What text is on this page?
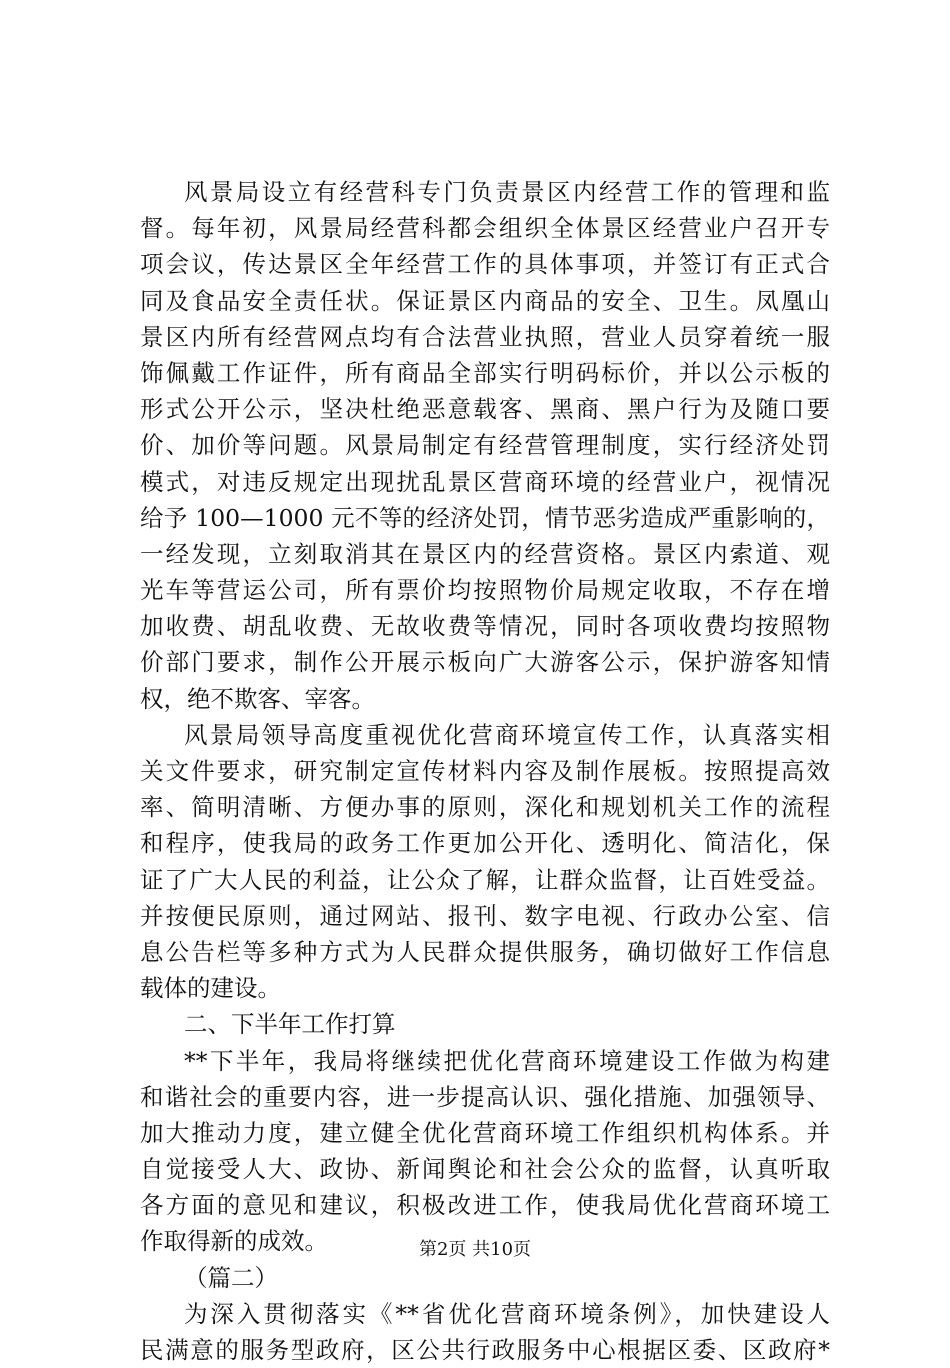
风景局设立有经营科专门负责景区内经营工作的管理和监
督。每年初，风景局经营科都会组织全体景区经营业户召开专
项会议，传达景区全年经营工作的具体事项，并签订有正式合
同及食品安全责任状。保证景区内商品的安全、卫生。凤凰山
景区内所有经营网点均有合法营业执照，营业人员穿着统一服
饰佩戴工作证件，所有商品全部实行明码标价，并以公示板的
形式公开公示，坚决杜绝恶意载客、黑商、黑户行为及随口要
价、加价等问题。风景局制定有经营管理制度，实行经济处罚
模式，对违反规定出现扰乱景区营商环境的经营业户，视情况
给予 100—1000 元不等的经济处罚，情节恶劣造成严重影响的，
一经发现，立刻取消其在景区内的经营资格。景区内索道、观
光车等营运公司，所有票价均按照物价局规定收取，不存在增
加收费、胡乱收费、无故收费等情况，同时各项收费均按照物
价部门要求，制作公开展示板向广大游客公示，保护游客知情
权，绝不欺客、宰客。
风景局领导高度重视优化营商环境宣传工作，认真落实相
关文件要求，研究制定宣传材料内容及制作展板。按照提高效
率、简明清晰、方便办事的原则，深化和规划机关工作的流程
和程序，使我局的政务工作更加公开化、透明化、简洁化，保
证了广大人民的利益，让公众了解，让群众监督，让百姓受益。
并按便民原则，通过网站、报刊、数字电视、行政办公室、信
息公告栏等多种方式为人民群众提供服务，确切做好工作信息
载体的建设。
二、下半年工作打算
**下半年，我局将继续把优化营商环境建设工作做为构建
和谐社会的重要内容，进一步提高认识、强化措施、加强领导、
加大推动力度，建立健全优化营商环境工作组织机构体系。并
自觉接受人大、政协、新闻舆论和社会公众的监督，认真听取
各方面的意见和建议，积极改进工作，使我局优化营商环境工
作取得新的成效。
（篇二）
为深入贯彻落实《**省优化营商环境条例》，加快建设人
民满意的服务型政府，区公共行政服务中心根据区委、区政府*
第2页 共10页
